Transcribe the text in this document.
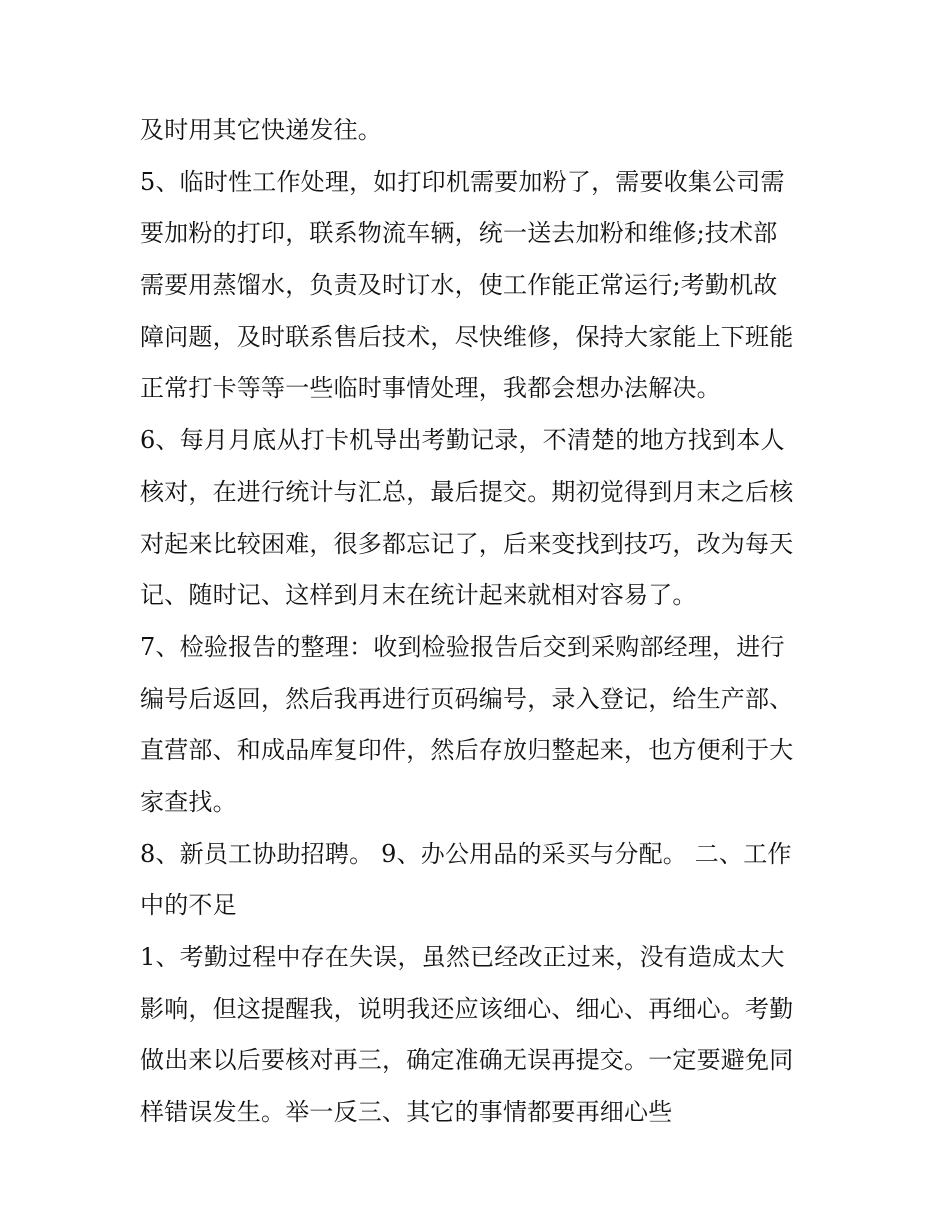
及时用其它快递发往。
5、临时性工作处理，如打印机需要加粉了，需要收集公司需
要加粉的打印，联系物流车辆，统一送去加粉和维修;技术部
需要用蒸馏水，负责及时订水，使工作能正常运行;考勤机故
障问题，及时联系售后技术，尽快维修，保持大家能上下班能
正常打卡等等一些临时事情处理，我都会想办法解决。
6、每月月底从打卡机导出考勤记录，不清楚的地方找到本人
核对，在进行统计与汇总，最后提交。期初觉得到月末之后核
对起来比较困难，很多都忘记了，后来变找到技巧，改为每天
记、随时记、这样到月末在统计起来就相对容易了。
7、检验报告的整理：收到检验报告后交到采购部经理，进行
编号后返回，然后我再进行页码编号，录入登记，给生产部、
直营部、和成品库复印件，然后存放归整起来，也方便利于大
家查找。
8、新员工协助招聘。 9、办公用品的采买与分配。 二、工作
中的不足
1、考勤过程中存在失误，虽然已经改正过来，没有造成太大
影响，但这提醒我，说明我还应该细心、细心、再细心。考勤
做出来以后要核对再三，确定准确无误再提交。一定要避免同
样错误发生。举一反三、其它的事情都要再细心些
